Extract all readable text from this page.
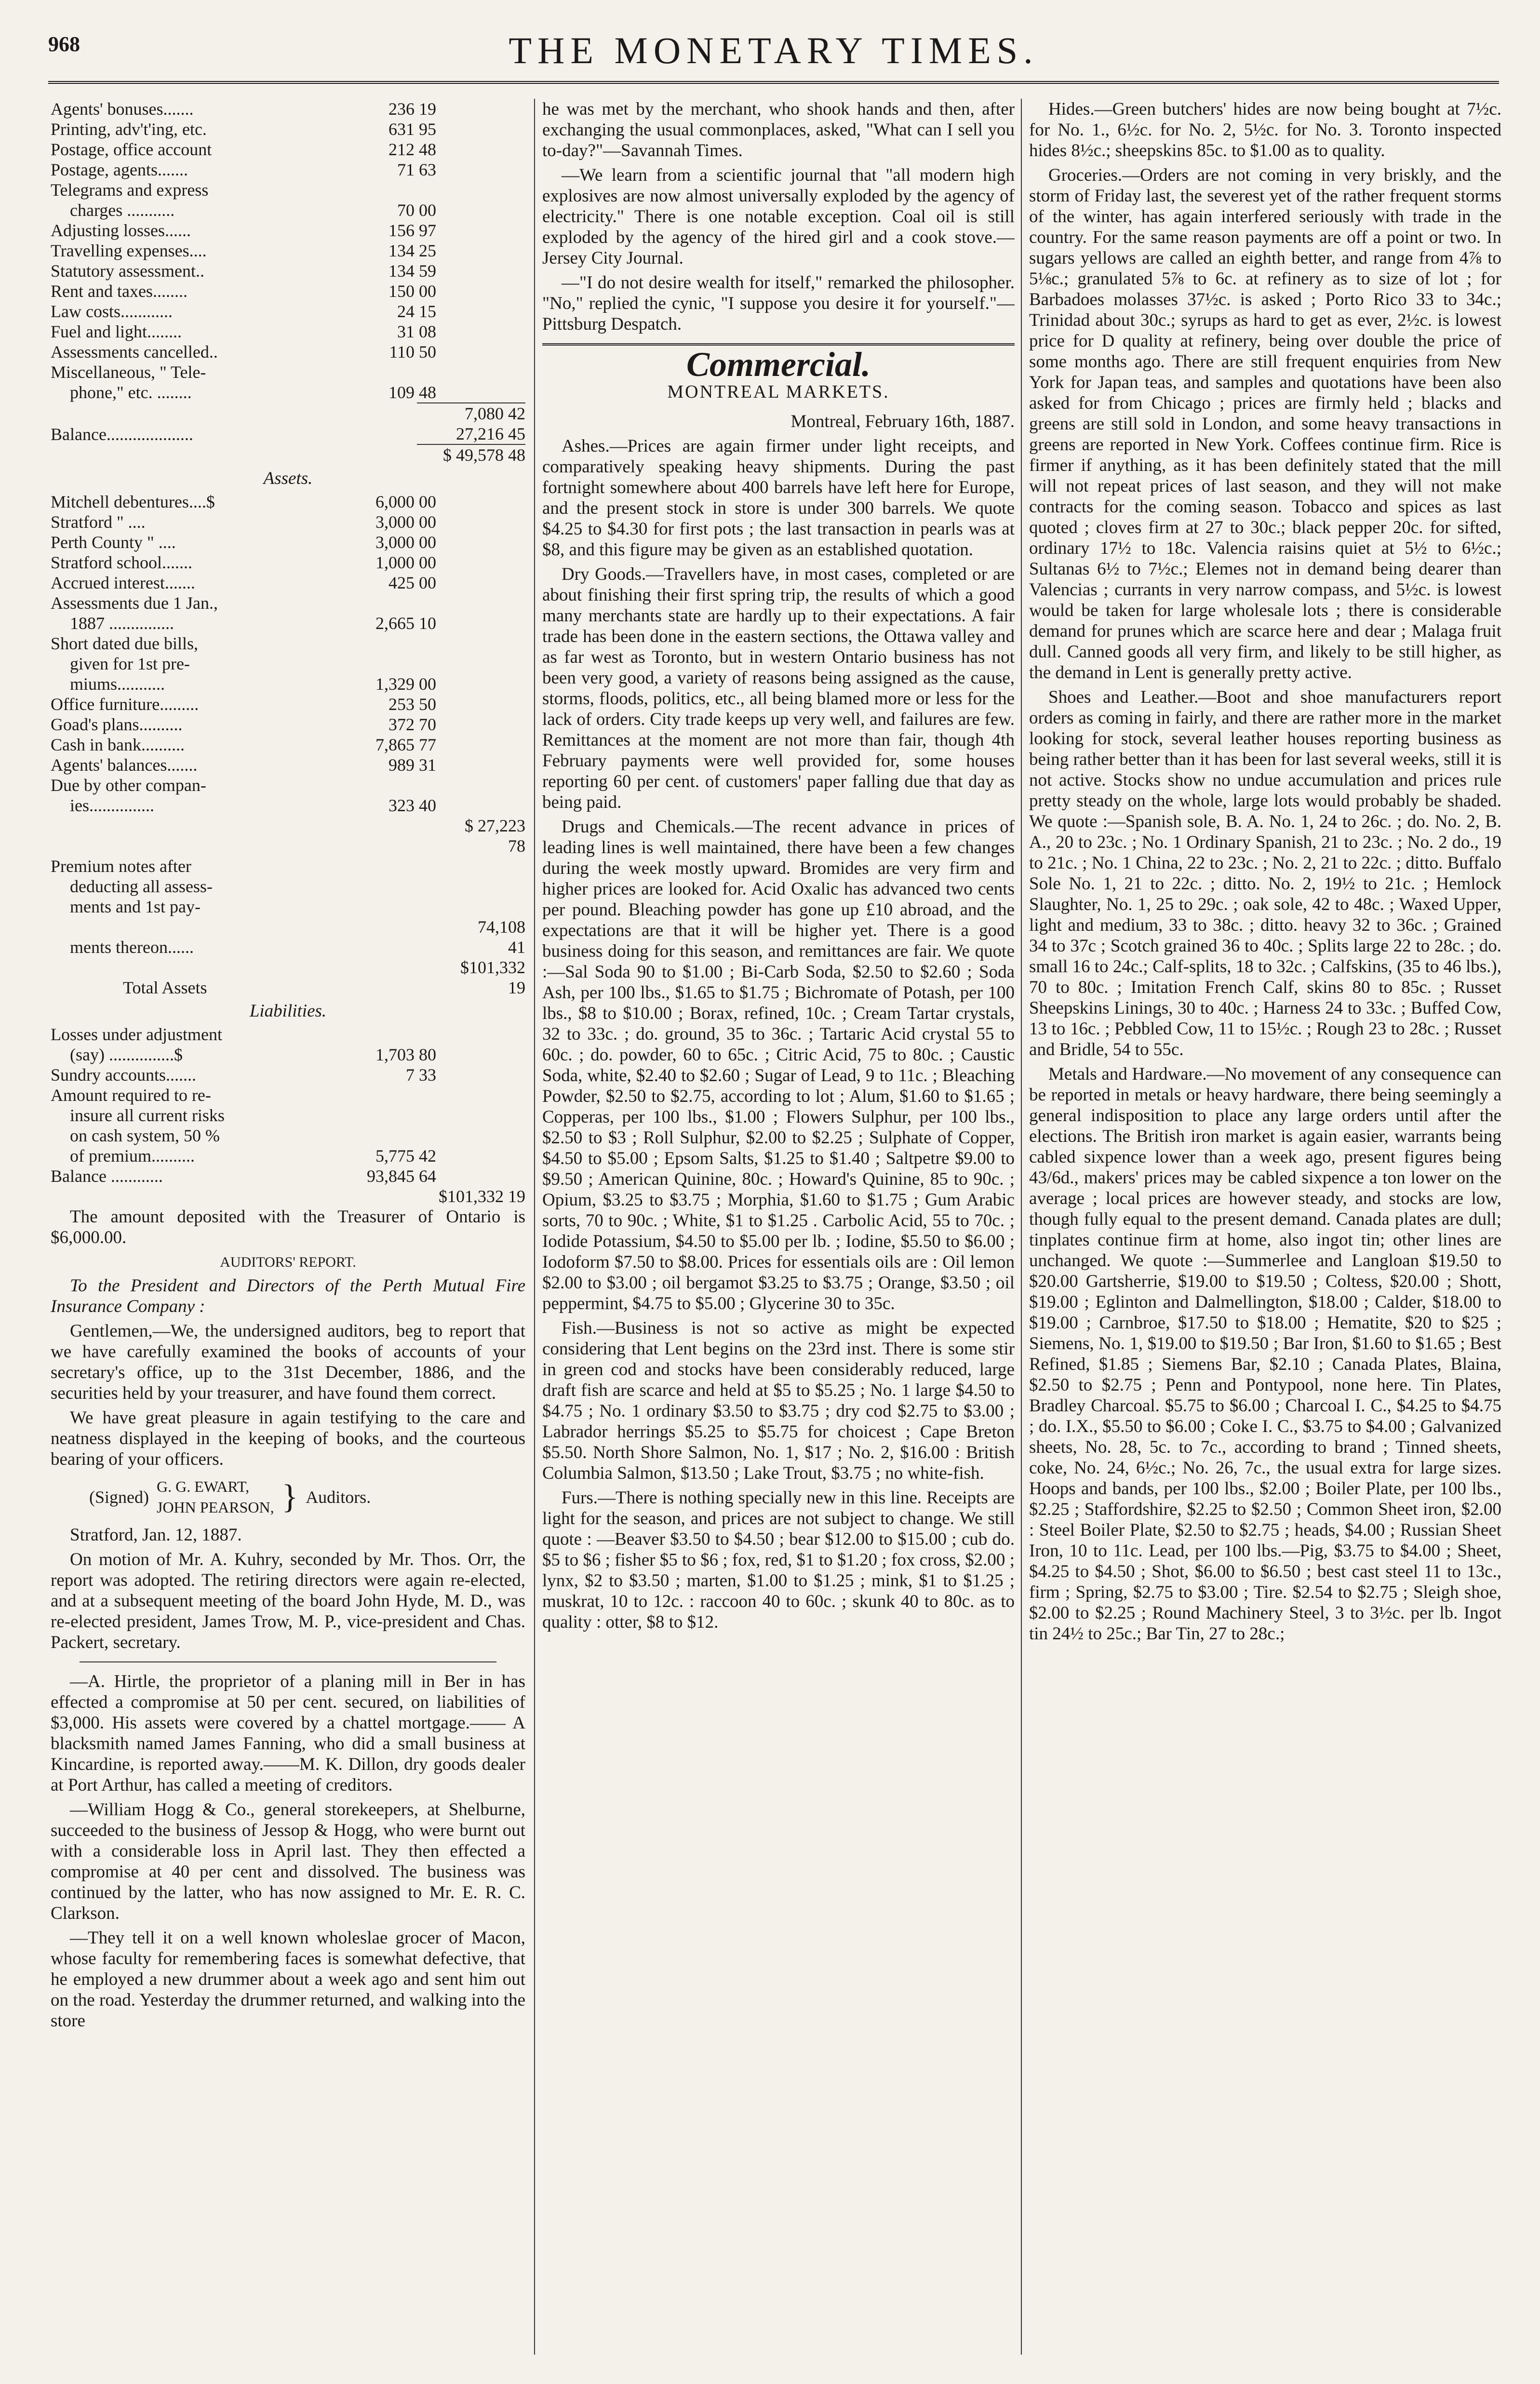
968	THE MONETARY TIMES.
Agents' bonuses.......	236 19	
Printing, adv't'ing, etc.	631 95	
Postage, office account	212 48	
Postage, agents.......	71 63	
Telegrams and express		
charges ...........	70 00	
Adjusting losses......	156 97	
Travelling expenses....	134 25	
Statutory assessment..	134 59	
Rent and taxes........	150 00	
Law costs............	24 15	
Fuel and light........	31 08	
Assessments cancelled..	110 50	
Miscellaneous, " Tele-		
phone," etc. ........	109 48	
		7,080 42
Balance....................		27,216 45
		$ 49,578 48
Assets.
Mitchell debentures....$	6,000 00	
Stratford " ....	3,000 00	
Perth County " ....	3,000 00	
Stratford school.......	1,000 00	
Accrued interest.......	425 00	
Assessments due 1 Jan.,		
1887 ...............	2,665 10	
Short dated due bills,		
given for 1st pre-		
miums...........	1,329 00	
Office furniture.........	253 50	
Goad's plans..........	372 70	
Cash in bank..........	7,865 77	
Agents' balances.......	989 31	
Due by other compan-		
ies...............	323 40	
		$ 27,223 78
Premium notes after		
deducting all assess-		
ments and 1st pay-		
ments thereon......		74,108 41
Total Assets		$101,332 19
Liabilities.
Losses under adjustment		
(say) ...............$	1,703 80	
Sundry accounts.......	7 33	
Amount required to re-		
insure all current risks		
on cash system, 50 %		
of premium..........	5,775 42	
Balance ............	93,845 64	
		$101,332 19

The amount deposited with the Treasurer of Ontario is $6,000.00.

AUDITORS' REPORT.

To the President and Directors of the Perth Mutual Fire Insurance Company :

Gentlemen,—We, the undersigned auditors, beg to report that we have carefully examined the books of accounts of your secretary's office, up to the 31st December, 1886, and the securities held by your treasurer, and have found them correct.

We have great pleasure in again testifying to the care and neatness displayed in the keeping of books, and the courteous bearing of your officers.

(Signed)
G. G. EWART,
JOHN PEARSON, } Auditors.

Stratford, Jan. 12, 1887.

On motion of Mr. A. Kuhry, seconded by Mr. Thos. Orr, the report was adopted. The retiring directors were again re-elected, and at a subsequent meeting of the board John Hyde, M. D., was re-elected president, James Trow, M. P., vice-president and Chas. Packert, secretary.

—A. Hirtle, the proprietor of a planing mill in Ber in has effected a compromise at 50 per cent. secured, on liabilities of $3,000. His assets were covered by a chattel mortgage.—— A blacksmith named James Fanning, who did a small business at Kincardine, is reported away.——M. K. Dillon, dry goods dealer at Port Arthur, has called a meeting of creditors.

—William Hogg & Co., general storekeepers, at Shelburne, succeeded to the business of Jessop & Hogg, who were burnt out with a considerable loss in April last. They then effected a compromise at 40 per cent and dissolved. The business was continued by the latter, who has now assigned to Mr. E. R. C. Clarkson.

—They tell it on a well known wholeslae grocer of Macon, whose faculty for remembering faces is somewhat defective, that he employed a new drummer about a week ago and sent him out on the road. Yesterday the drummer returned, and walking into the store

he was met by the merchant, who shook hands and then, after exchanging the usual commonplaces, asked, "What can I sell you to-day?"—Savannah Times.

—We learn from a scientific journal that "all modern high explosives are now almost universally exploded by the agency of electricity." There is one notable exception. Coal oil is still exploded by the agency of the hired girl and a cook stove.—Jersey City Journal.

—"I do not desire wealth for itself," remarked the philosopher. "No," replied the cynic, "I suppose you desire it for yourself."—Pittsburg Despatch.

Commercial.
MONTREAL MARKETS.

Montreal, February 16th, 1887.

Ashes.—Prices are again firmer under light receipts, and comparatively speaking heavy shipments. During the past fortnight somewhere about 400 barrels have left here for Europe, and the present stock in store is under 300 barrels. We quote $4.25 to $4.30 for first pots ; the last transaction in pearls was at $8, and this figure may be given as an established quotation.

Dry Goods.—Travellers have, in most cases, completed or are about finishing their first spring trip, the results of which a good many merchants state are hardly up to their expectations. A fair trade has been done in the eastern sections, the Ottawa valley and as far west as Toronto, but in western Ontario business has not been very good, a variety of reasons being assigned as the cause, storms, floods, politics, etc., all being blamed more or less for the lack of orders. City trade keeps up very well, and failures are few. Remittances at the moment are not more than fair, though 4th February payments were well provided for, some houses reporting 60 per cent. of customers' paper falling due that day as being paid.

Drugs and Chemicals.—The recent advance in prices of leading lines is well maintained, there have been a few changes during the week mostly upward. Bromides are very firm and higher prices are looked for. Acid Oxalic has advanced two cents per pound. Bleaching powder has gone up £10 abroad, and the expectations are that it will be higher yet. There is a good business doing for this season, and remittances are fair. We quote :—Sal Soda 90 to $1.00 ; Bi-Carb Soda, $2.50 to $2.60 ; Soda Ash, per 100 lbs., $1.65 to $1.75 ; Bichromate of Potash, per 100 lbs., $8 to $10.00 ; Borax, refined, 10c. ; Cream Tartar crystals, 32 to 33c. ; do. ground, 35 to 36c. ; Tartaric Acid crystal 55 to 60c. ; do. powder, 60 to 65c. ; Citric Acid, 75 to 80c. ; Caustic Soda, white, $2.40 to $2.60 ; Sugar of Lead, 9 to 11c. ; Bleaching Powder, $2.50 to $2.75, according to lot ; Alum, $1.60 to $1.65 ; Copperas, per 100 lbs., $1.00 ; Flowers Sulphur, per 100 lbs., $2.50 to $3 ; Roll Sulphur, $2.00 to $2.25 ; Sulphate of Copper, $4.50 to $5.00 ; Epsom Salts, $1.25 to $1.40 ; Saltpetre $9.00 to $9.50 ; American Quinine, 80c. ; Howard's Quinine, 85 to 90c. ; Opium, $3.25 to $3.75 ; Morphia, $1.60 to $1.75 ; Gum Arabic sorts, 70 to 90c. ; White, $1 to $1.25 . Carbolic Acid, 55 to 70c. ; Iodide Potassium, $4.50 to $5.00 per lb. ; Iodine, $5.50 to $6.00 ; Iodoform $7.50 to $8.00. Prices for essentials oils are : Oil lemon $2.00 to $3.00 ; oil bergamot $3.25 to $3.75 ; Orange, $3.50 ; oil peppermint, $4.75 to $5.00 ; Glycerine 30 to 35c.

Fish.—Business is not so active as might be expected considering that Lent begins on the 23rd inst. There is some stir in green cod and stocks have been considerably reduced, large draft fish are scarce and held at $5 to $5.25 ; No. 1 large $4.50 to $4.75 ; No. 1 ordinary $3.50 to $3.75 ; dry cod $2.75 to $3.00 ; Labrador herrings $5.25 to $5.75 for choicest ; Cape Breton $5.50. North Shore Salmon, No. 1, $17 ; No. 2, $16.00 : British Columbia Salmon, $13.50 ; Lake Trout, $3.75 ; no white-fish.

Furs.—There is nothing specially new in this line. Receipts are light for the season, and prices are not subject to change. We still quote : —Beaver $3.50 to $4.50 ; bear $12.00 to $15.00 ; cub do. $5 to $6 ; fisher $5 to $6 ; fox, red, $1 to $1.20 ; fox cross, $2.00 ; lynx, $2 to $3.50 ; marten, $1.00 to $1.25 ; mink, $1 to $1.25 ; muskrat, 10 to 12c. : raccoon 40 to 60c. ; skunk 40 to 80c. as to quality : otter, $8 to $12.

Hides.—Green butchers' hides are now being bought at 7½c. for No. 1., 6½c. for No. 2, 5½c. for No. 3. Toronto inspected hides 8½c.; sheepskins 85c. to $1.00 as to quality.

Groceries.—Orders are not coming in very briskly, and the storm of Friday last, the severest yet of the rather frequent storms of the winter, has again interfered seriously with trade in the country. For the same reason payments are off a point or two. In sugars yellows are called an eighth better, and range from 4⅞ to 5⅛c.; granulated 5⅞ to 6c. at refinery as to size of lot ; for Barbadoes molasses 37½c. is asked ; Porto Rico 33 to 34c.; Trinidad about 30c.; syrups as hard to get as ever, 2½c. is lowest price for D quality at refinery, being over double the price of some months ago. There are still frequent enquiries from New York for Japan teas, and samples and quotations have been also asked for from Chicago ; prices are firmly held ; blacks and greens are still sold in London, and some heavy transactions in greens are reported in New York. Coffees continue firm. Rice is firmer if anything, as it has been definitely stated that the mill will not repeat prices of last season, and they will not make contracts for the coming season. Tobacco and spices as last quoted ; cloves firm at 27 to 30c.; black pepper 20c. for sifted, ordinary 17½ to 18c. Valencia raisins quiet at 5½ to 6½c.; Sultanas 6½ to 7½c.; Elemes not in demand being dearer than Valencias ; currants in very narrow compass, and 5½c. is lowest would be taken for large wholesale lots ; there is considerable demand for prunes which are scarce here and dear ; Malaga fruit dull. Canned goods all very firm, and likely to be still higher, as the demand in Lent is generally pretty active.

Shoes and Leather.—Boot and shoe manufacturers report orders as coming in fairly, and there are rather more in the market looking for stock, several leather houses reporting business as being rather better than it has been for last several weeks, still it is not active. Stocks show no undue accumulation and prices rule pretty steady on the whole, large lots would probably be shaded. We quote :—Spanish sole, B. A. No. 1, 24 to 26c. ; do. No. 2, B. A., 20 to 23c. ; No. 1 Ordinary Spanish, 21 to 23c. ; No. 2 do., 19 to 21c. ; No. 1 China, 22 to 23c. ; No. 2, 21 to 22c. ; ditto. Buffalo Sole No. 1, 21 to 22c. ; ditto. No. 2, 19½ to 21c. ; Hemlock Slaughter, No. 1, 25 to 29c. ; oak sole, 42 to 48c. ; Waxed Upper, light and medium, 33 to 38c. ; ditto. heavy 32 to 36c. ; Grained 34 to 37c ; Scotch grained 36 to 40c. ; Splits large 22 to 28c. ; do. small 16 to 24c.; Calf-splits, 18 to 32c. ; Calfskins, (35 to 46 lbs.), 70 to 80c. ; Imitation French Calf, skins 80 to 85c. ; Russet Sheepskins Linings, 30 to 40c. ; Harness 24 to 33c. ; Buffed Cow, 13 to 16c. ; Pebbled Cow, 11 to 15½c. ; Rough 23 to 28c. ; Russet and Bridle, 54 to 55c.

Metals and Hardware.—No movement of any consequence can be reported in metals or heavy hardware, there being seemingly a general indisposition to place any large orders until after the elections. The British iron market is again easier, warrants being cabled sixpence lower than a week ago, present figures being 43/6d., makers' prices may be cabled sixpence a ton lower on the average ; local prices are however steady, and stocks are low, though fully equal to the present demand. Canada plates are dull; tinplates continue firm at home, also ingot tin; other lines are unchanged. We quote :—Summerlee and Langloan $19.50 to $20.00 Gartsherrie, $19.00 to $19.50 ; Coltess, $20.00 ; Shott, $19.00 ; Eglinton and Dalmellington, $18.00 ; Calder, $18.00 to $19.00 ; Carnbroe, $17.50 to $18.00 ; Hematite, $20 to $25 ; Siemens, No. 1, $19.00 to $19.50 ; Bar Iron, $1.60 to $1.65 ; Best Refined, $1.85 ; Siemens Bar, $2.10 ; Canada Plates, Blaina, $2.50 to $2.75 ; Penn and Pontypool, none here. Tin Plates, Bradley Charcoal. $5.75 to $6.00 ; Charcoal I. C., $4.25 to $4.75 ; do. I.X., $5.50 to $6.00 ; Coke I. C., $3.75 to $4.00 ; Galvanized sheets, No. 28, 5c. to 7c., according to brand ; Tinned sheets, coke, No. 24, 6½c.; No. 26, 7c., the usual extra for large sizes. Hoops and bands, per 100 lbs., $2.00 ; Boiler Plate, per 100 lbs., $2.25 ; Staffordshire, $2.25 to $2.50 ; Common Sheet iron, $2.00 : Steel Boiler Plate, $2.50 to $2.75 ; heads, $4.00 ; Russian Sheet Iron, 10 to 11c. Lead, per 100 lbs.—Pig, $3.75 to $4.00 ; Sheet, $4.25 to $4.50 ; Shot, $6.00 to $6.50 ; best cast steel 11 to 13c., firm ; Spring, $2.75 to $3.00 ; Tire. $2.54 to $2.75 ; Sleigh shoe, $2.00 to $2.25 ; Round Machinery Steel, 3 to 3½c. per lb. Ingot tin 24½ to 25c.; Bar Tin, 27 to 28c.;
